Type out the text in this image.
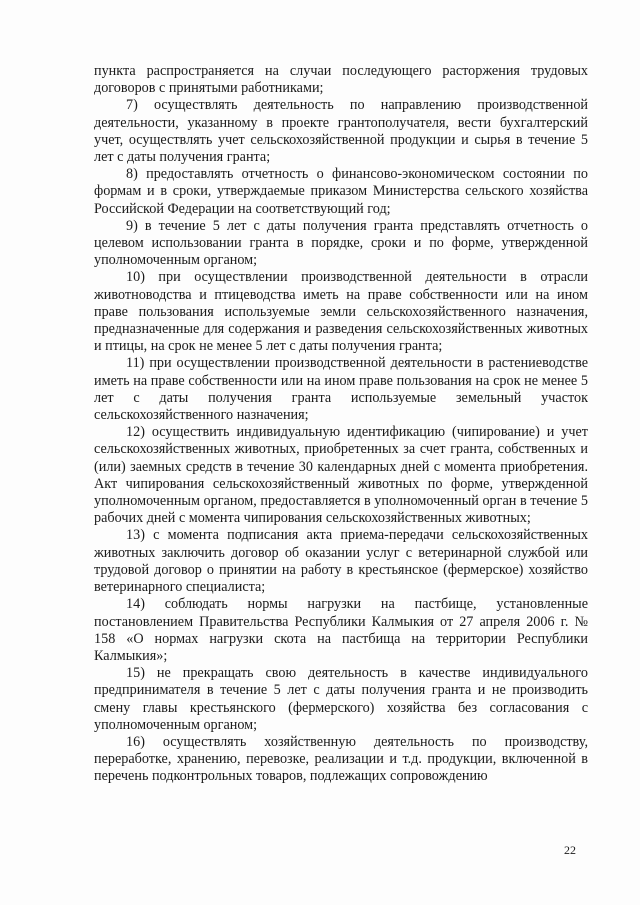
пункта распространяется на случаи последующего расторжения трудовых договоров с принятыми работниками;

7) осуществлять деятельность по направлению производственной деятельности, указанному в проекте грантополучателя, вести бухгалтерский учет, осуществлять учет сельскохозяйственной продукции и сырья в течение 5 лет с даты получения гранта;

8) предоставлять отчетность о финансово-экономическом состоянии по формам и в сроки, утверждаемые приказом Министерства сельского хозяйства Российской Федерации на соответствующий год;

9) в течение 5 лет с даты получения гранта представлять отчетность о целевом использовании гранта в порядке, сроки и по форме, утвержденной уполномоченным органом;

10) при осуществлении производственной деятельности в отрасли животноводства и птицеводства иметь на праве собственности или на ином праве пользования используемые земли сельскохозяйственного назначения, предназначенные для содержания и разведения сельскохозяйственных животных и птицы, на срок не менее 5 лет с даты получения гранта;

11) при осуществлении производственной деятельности в растениеводстве иметь на праве собственности или на ином праве пользования на срок не менее 5 лет с даты получения гранта используемые земельный участок сельскохозяйственного назначения;

12) осуществить индивидуальную идентификацию (чипирование) и учет сельскохозяйственных животных, приобретенных за счет гранта, собственных и (или) заемных средств в течение 30 календарных дней с момента приобретения. Акт чипирования сельскохозяйственный животных по форме, утвержденной уполномоченным органом, предоставляется в уполномоченный орган в течение 5 рабочих дней с момента чипирования сельскохозяйственных животных;

13) с момента подписания акта приема-передачи сельскохозяйственных животных заключить договор об оказании услуг с ветеринарной службой или трудовой договор о принятии на работу в крестьянское (фермерское) хозяйство ветеринарного специалиста;

14) соблюдать нормы нагрузки на пастбище, установленные постановлением Правительства Республики Калмыкия от 27 апреля 2006 г. № 158 «О нормах нагрузки скота на пастбища на территории Республики Калмыкия»;

15) не прекращать свою деятельность в качестве индивидуального предпринимателя в течение 5 лет с даты получения гранта и не производить смену главы крестьянского (фермерского) хозяйства без согласования с уполномоченным органом;

16) осуществлять хозяйственную деятельность по производству, переработке, хранению, перевозке, реализации и т.д. продукции, включенной в перечень подконтрольных товаров, подлежащих сопровождению

22
